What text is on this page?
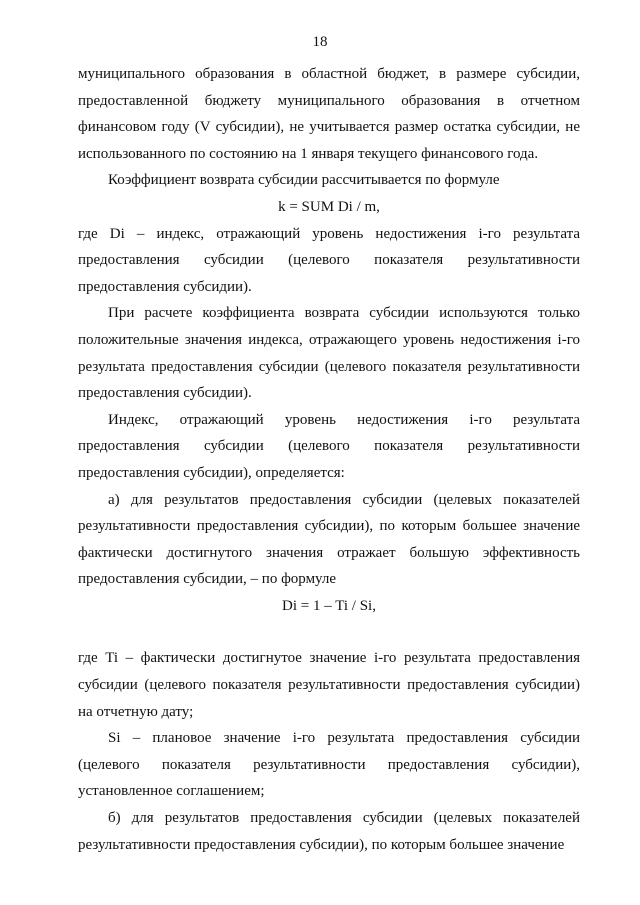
18

муниципального образования в областной бюджет, в размере субсидии, предоставленной бюджету муниципального образования в отчетном финансовом году (V субсидии), не учитывается размер остатка субсидии, не использованного по состоянию на 1 января текущего финансового года.

Коэффициент возврата субсидии рассчитывается по формуле

k = SUM Di / m,

где Di – индекс, отражающий уровень недостижения i-го результата предоставления субсидии (целевого показателя результативности предоставления субсидии).

При расчете коэффициента возврата субсидии используются только положительные значения индекса, отражающего уровень недостижения i-го результата предоставления субсидии (целевого показателя результативности предоставления субсидии).

Индекс, отражающий уровень недостижения i-го результата предоставления субсидии (целевого показателя результативности предоставления субсидии), определяется:

а) для результатов предоставления субсидии (целевых показателей результативности предоставления субсидии), по которым большее значение фактически достигнутого значения отражает большую эффективность предоставления субсидии, – по формуле

Di = 1 – Ti / Si,

где Ti – фактически достигнутое значение i-го результата предоставления субсидии (целевого показателя результативности предоставления субсидии) на отчетную дату;

Si – плановое значение i-го результата предоставления субсидии (целевого показателя результативности предоставления субсидии), установленное соглашением;

б) для результатов предоставления субсидии (целевых показателей результативности предоставления субсидии), по которым большее значение
